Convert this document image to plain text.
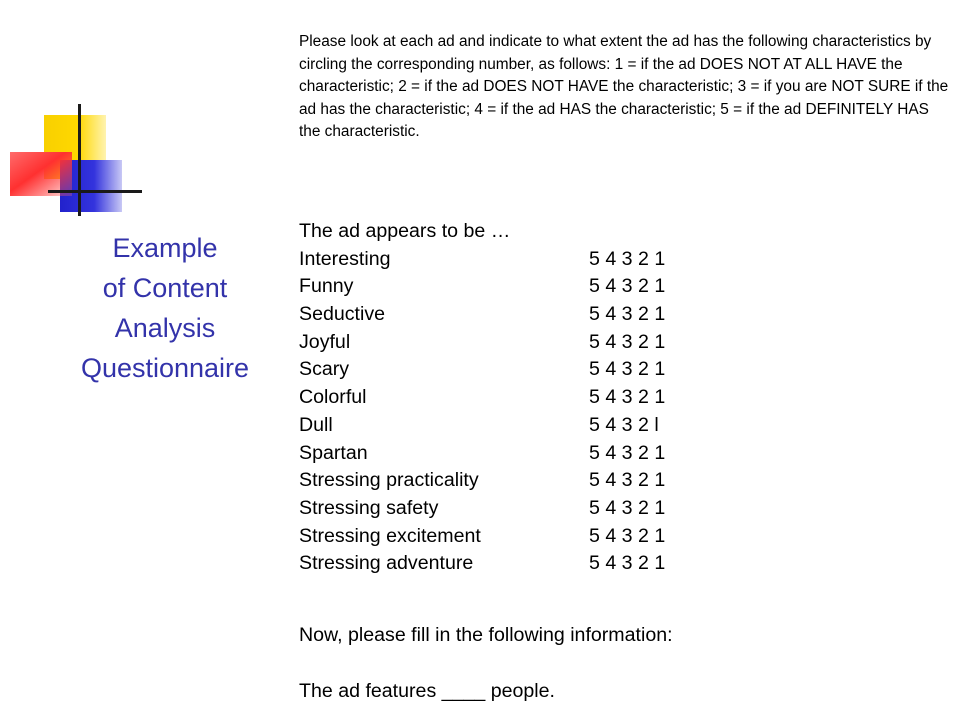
Example
of Content
Analysis
Questionnaire

Please look at each ad and indicate to what extent the ad has the following characteristics by circling the corresponding number, as follows: 1 = if the ad DOES NOT AT ALL HAVE the characteristic; 2 = if the ad DOES NOT HAVE the characteristic; 3 = if you are NOT SURE if the ad has the characteristic; 4 = if the ad HAS the characteristic; 5 = if the ad DEFINITELY HAS the characteristic.

The ad appears to be …
Interesting	5 4 3 2 1
Funny	5 4 3 2 1
Seductive	5 4 3 2 1
Joyful	5 4 3 2 1
Scary	5 4 3 2 1
Colorful	5 4 3 2 1
Dull	5 4 3 2 l
Spartan	5 4 3 2 1
Stressing practicality	5 4 3 2 1
Stressing safety	5 4 3 2 1
Stressing excitement	5 4 3 2 1
Stressing adventure	5 4 3 2 1
Now, please fill in the following information:
The ad features ____ people.
